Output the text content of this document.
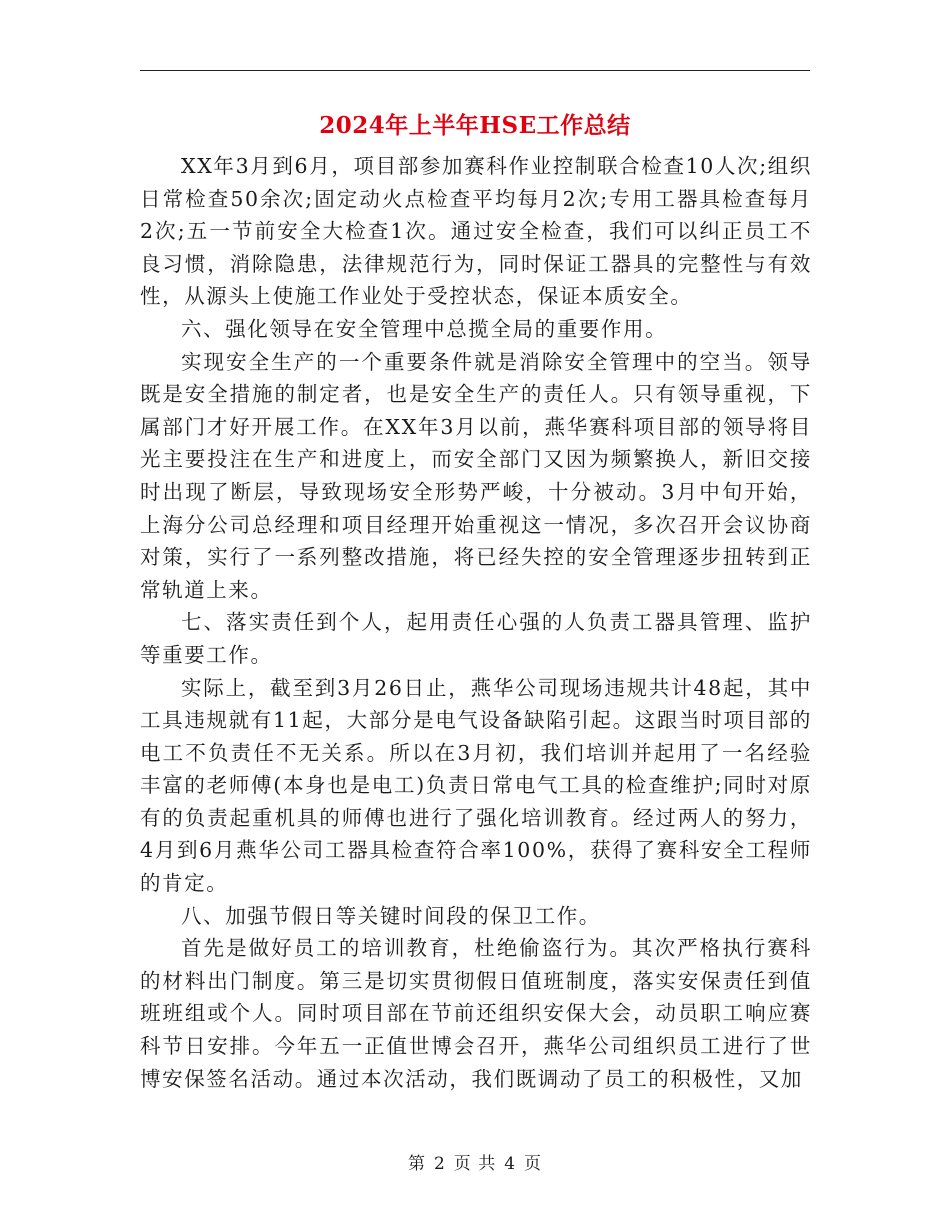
2024年上半年HSE工作总结

XX年3月到6月，项目部参加赛科作业控制联合检查10人次;组织日常检查50余次;固定动火点检查平均每月2次;专用工器具检查每月2次;五一节前安全大检查1次。通过安全检查，我们可以纠正员工不良习惯，消除隐患，法律规范行为，同时保证工器具的完整性与有效性，从源头上使施工作业处于受控状态，保证本质安全。

六、强化领导在安全管理中总揽全局的重要作用。

实现安全生产的一个重要条件就是消除安全管理中的空当。领导既是安全措施的制定者，也是安全生产的责任人。只有领导重视，下属部门才好开展工作。在XX年3月以前，燕华赛科项目部的领导将目光主要投注在生产和进度上，而安全部门又因为频繁换人，新旧交接时出现了断层，导致现场安全形势严峻，十分被动。3月中旬开始，上海分公司总经理和项目经理开始重视这一情况，多次召开会议协商对策，实行了一系列整改措施，将已经失控的安全管理逐步扭转到正常轨道上来。

七、落实责任到个人，起用责任心强的人负责工器具管理、监护等重要工作。

实际上，截至到3月26日止，燕华公司现场违规共计48起，其中工具违规就有11起，大部分是电气设备缺陷引起。这跟当时项目部的电工不负责任不无关系。所以在3月初，我们培训并起用了一名经验丰富的老师傅(本身也是电工)负责日常电气工具的检查维护;同时对原有的负责起重机具的师傅也进行了强化培训教育。经过两人的努力，4月到6月燕华公司工器具检查符合率100%，获得了赛科安全工程师的肯定。

八、加强节假日等关键时间段的保卫工作。

首先是做好员工的培训教育，杜绝偷盗行为。其次严格执行赛科的材料出门制度。第三是切实贯彻假日值班制度，落实安保责任到值班班组或个人。同时项目部在节前还组织安保大会，动员职工响应赛科节日安排。今年五一正值世博会召开，燕华公司组织员工进行了世博安保签名活动。通过本次活动，我们既调动了员工的积极性，又加

第 2 页 共 4 页
